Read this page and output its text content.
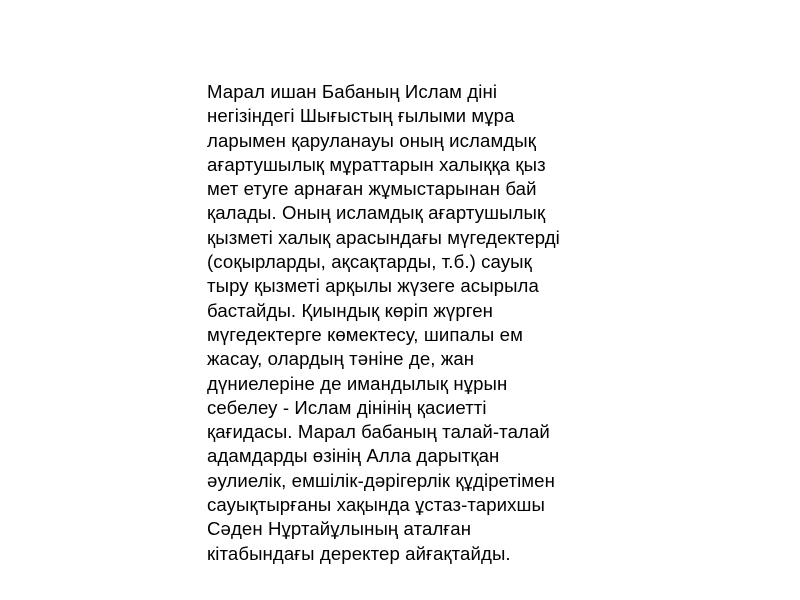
Марал ишан Бабаның Ислам діні
негізіндегі Шығыстың ғылыми мұра
ларымен қаруланауы оның исламдық
ағартушылық мұраттарын халыққа қыз
мет етуге арнаған жұмыстарынан бай
қалады. Оның исламдық ағартушылық
қызметі халық арасындағы мүгедектерді
(соқырларды, ақсақтарды, т.б.) сауық
тыру қызметі арқылы жүзеге асырыла
бастайды. Қиындық көріп жүрген
мүгедектерге көмектесу, шипалы ем
жасау, олардың тәніне де, жан
дүниелеріне де имандылық нұрын
себелеу - Ислам дінінің қасиетті
қағидасы. Марал бабаның талай-талай
адамдарды өзінің Алла дарытқан
әулиелік, емшілік-дәрігерлік құдіретімен
сауықтырғаны хақында ұстаз-тарихшы
Сәден Нұртайұлының аталған
кітабындағы деректер айғақтайды.
